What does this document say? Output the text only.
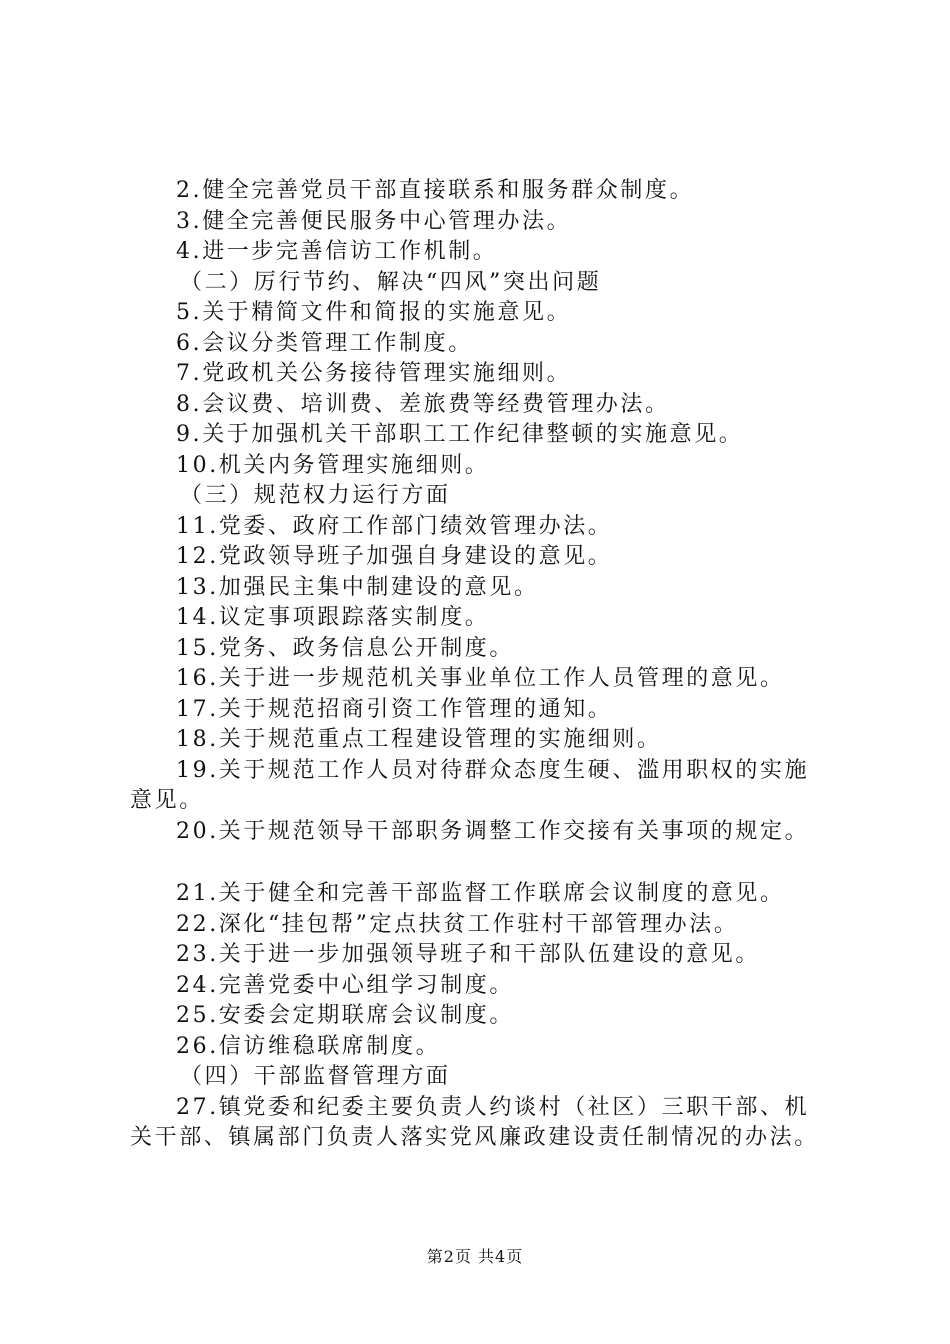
2.健全完善党员干部直接联系和服务群众制度。
3.健全完善便民服务中心管理办法。
4.进一步完善信访工作机制。
（二）厉行节约、解决“四风”突出问题
5.关于精简文件和简报的实施意见。
6.会议分类管理工作制度。
7.党政机关公务接待管理实施细则。
8.会议费、培训费、差旅费等经费管理办法。
9.关于加强机关干部职工工作纪律整顿的实施意见。
10.机关内务管理实施细则。
（三）规范权力运行方面
11.党委、政府工作部门绩效管理办法。
12.党政领导班子加强自身建设的意见。
13.加强民主集中制建设的意见。
14.议定事项跟踪落实制度。
15.党务、政务信息公开制度。
16.关于进一步规范机关事业单位工作人员管理的意见。
17.关于规范招商引资工作管理的通知。
18.关于规范重点工程建设管理的实施细则。
19.关于规范工作人员对待群众态度生硬、滥用职权的实施意见。
20.关于规范领导干部职务调整工作交接有关事项的规定。
21.关于健全和完善干部监督工作联席会议制度的意见。
22.深化“挂包帮”定点扶贫工作驻村干部管理办法。
23.关于进一步加强领导班子和干部队伍建设的意见。
24.完善党委中心组学习制度。
25.安委会定期联席会议制度。
26.信访维稳联席制度。
（四）干部监督管理方面
27.镇党委和纪委主要负责人约谈村（社区）三职干部、机关干部、镇属部门负责人落实党风廉政建设责任制情况的办法。
第2页 共4页
